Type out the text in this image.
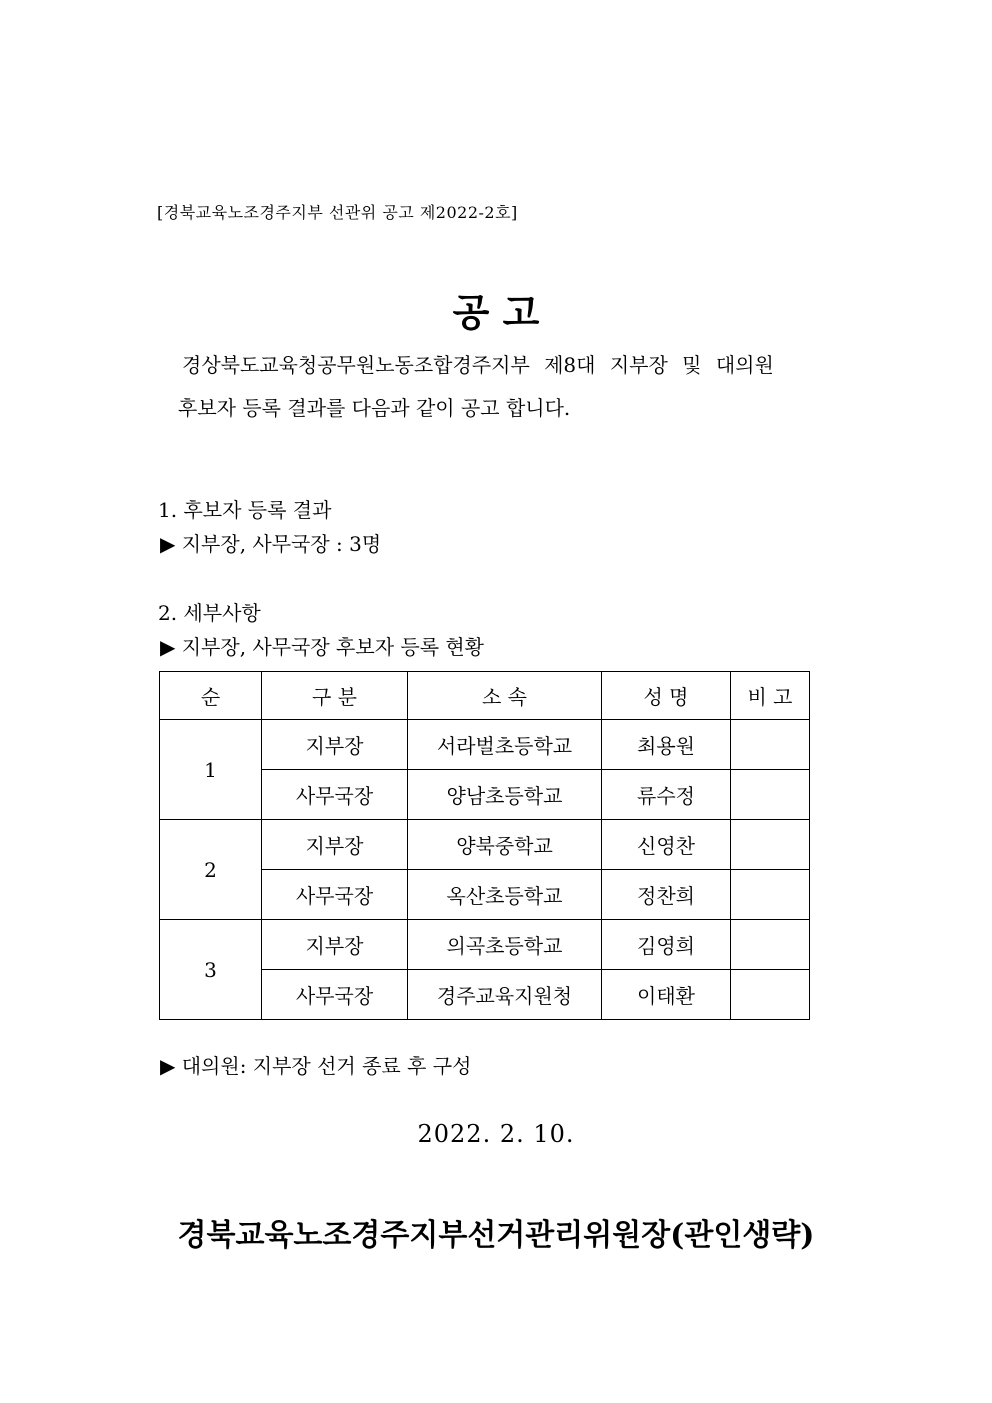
[경북교육노조경주지부 선관위 공고 제2022-2호]
공 고
경상북도교육청공무원노동조합경주지부 제8대 지부장 및 대의원
후보자 등록 결과를 다음과 같이 공고 합니다.
1. 후보자 등록 결과
▶ 지부장, 사무국장 : 3명
2. 세부사항
▶ 지부장, 사무국장 후보자 등록 현황
순	구 분	소 속	성 명	비 고
1	지부장	서라벌초등학교	최용원	
	사무국장	양남초등학교	류수정	
2	지부장	양북중학교	신영찬	
	사무국장	옥산초등학교	정찬희	
3	지부장	의곡초등학교	김영희	
	사무국장	경주교육지원청	이태환	
▶ 대의원: 지부장 선거 종료 후 구성
2022. 2. 10.
경북교육노조경주지부선거관리위원장(관인생략)
